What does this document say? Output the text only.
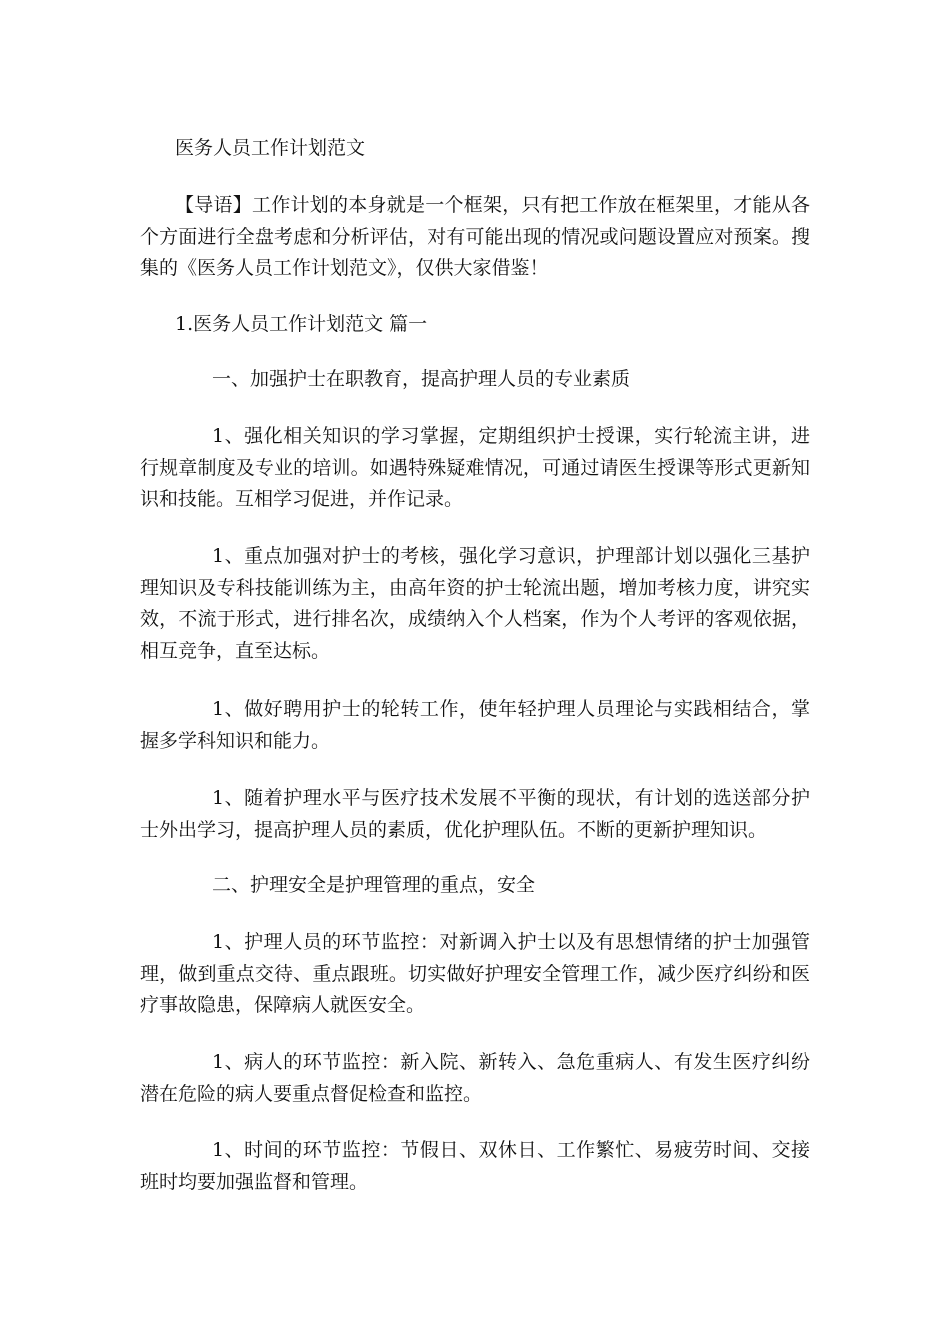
医务人员工作计划范文

【导语】工作计划的本身就是一个框架，只有把工作放在框架里，才能从各个方面进行全盘考虑和分析评估，对有可能出现的情况或问题设置应对预案。搜集的《医务人员工作计划范文》，仅供大家借鉴！

1.医务人员工作计划范文 篇一

一、加强护士在职教育，提高护理人员的专业素质

1、强化相关知识的学习掌握，定期组织护士授课，实行轮流主讲，进行规章制度及专业的培训。如遇特殊疑难情况，可通过请医生授课等形式更新知识和技能。互相学习促进，并作记录。

1、重点加强对护士的考核，强化学习意识，护理部计划以强化三基护理知识及专科技能训练为主，由高年资的护士轮流出题，增加考核力度，讲究实效，不流于形式，进行排名次，成绩纳入个人档案，作为个人考评的客观依据，相互竞争，直至达标。

1、做好聘用护士的轮转工作，使年轻护理人员理论与实践相结合，掌握多学科知识和能力。

1、随着护理水平与医疗技术发展不平衡的现状，有计划的选送部分护士外出学习，提高护理人员的素质，优化护理队伍。不断的更新护理知识。

二、护理安全是护理管理的重点，安全

1、护理人员的环节监控：对新调入护士以及有思想情绪的护士加强管理，做到重点交待、重点跟班。切实做好护理安全管理工作，减少医疗纠纷和医疗事故隐患，保障病人就医安全。

1、病人的环节监控：新入院、新转入、急危重病人、有发生医疗纠纷潜在危险的病人要重点督促检查和监控。

1、时间的环节监控：节假日、双休日、工作繁忙、易疲劳时间、交接班时均要加强监督和管理。
